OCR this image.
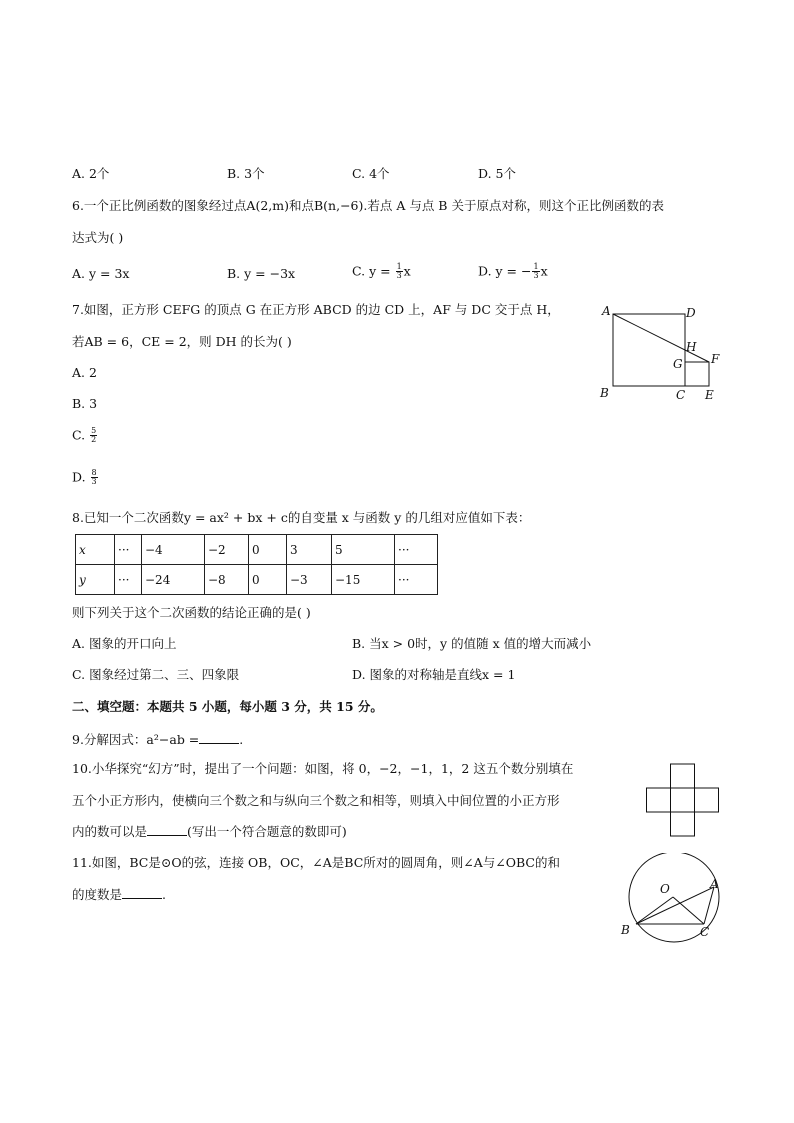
A. 2个	B. 3个	C. 4个	D. 5个
6.一个正比例函数的图象经过点A(2,m)和点B(n,−6).若点 A 与点 B 关于原点对称，则这个正比例函数的表
达式为( )
A. y = 3x	B. y = −3x	C. $y = \frac{1}{3}$ x	D. y = − $\frac{1}{3}$ x
7.如图，正方形 CEFG 的顶点 G 在正方形 ABCD 的边 CD 上，AF 与 DC 交于点 H，
若AB = 6，CE = 2，则 DH 的长为( )
A. 2
B. 3
C. $\frac{5}{2}$
D. $\frac{8}{3}$
A	D
H
F
G
B	C E
8.已知一个二次函数y = ax² + bx + c的自变量 x 与函数 y 的几组对应值如下表：
x	···	−4	−2	0	3	5	···
y	···	−24	−8	0	−3	−15	···
则下列关于这个二次函数的结论正确的是( )
A. 图象的开口向上	B. 当x > 0时，y 的值随 x 值的增大而减小
C. 图象经过第二、三、四象限	D. 图象的对称轴是直线x = 1
二、填空题：本题共 5 小题，每小题 3 分，共 15 分。
9.分解因式：a²−ab =	.
10.小华探究“幻方”时，提出了一个问题：如图，将 0，−2，−1，1，2 这五个数分别填在
五个小正方形内，使横向三个数之和与纵向三个数之和相等，则填入中间位置的小正方形
内的数可以是	(写出一个符合题意的数即可)
11.如图，BC是⊙O的弦，连接 OB，OC，∠A是BC所对的圆周角，则∠A与∠OBC的和
的度数是	.	O	A
B	C
